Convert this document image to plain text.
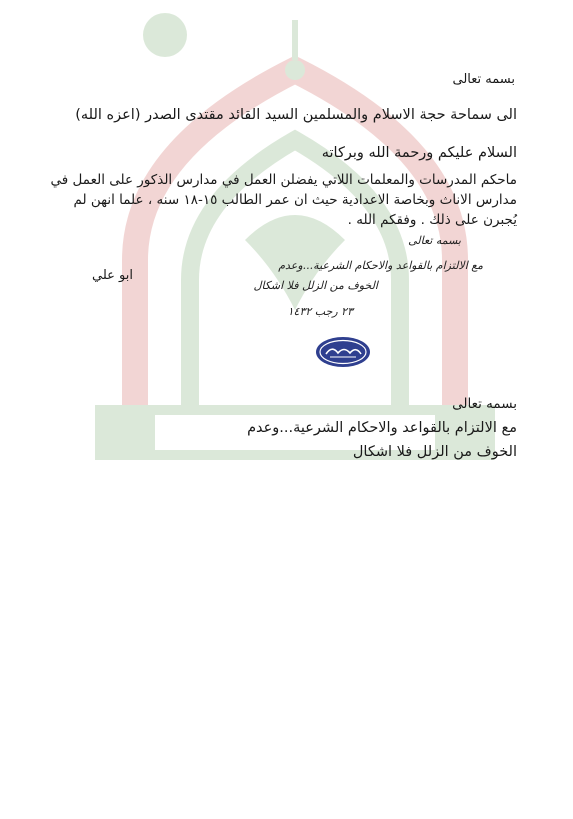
بسمه تعالى
الى سماحة حجة الاسلام والمسلمين السيد القائد مقتدى الصدر (اعزه الله)
السلام عليكم ورحمة الله وبركاته
ماحكم المدرسات والمعلمات اللاتي يفضلن العمل في مدارس الذكور على العمل في مدارس الاناث وبخاصة الاعدادية حيث ان عمر الطالب ١٥-١٨ سنه ، علما انهن لم يُجبرن على ذلك . وفقكم الله .
بسمه تعالى
مع الالتزام بالقواعد والاحكام الشرعية...وعدم
الخوف من الزلل فلا اشكال
٢٣ رجب ١٤٣٢
ابو علي
بسمه تعالى
مع الالتزام بالقواعد والاحكام الشرعية...وعدم
الخوف من الزلل فلا اشكال
